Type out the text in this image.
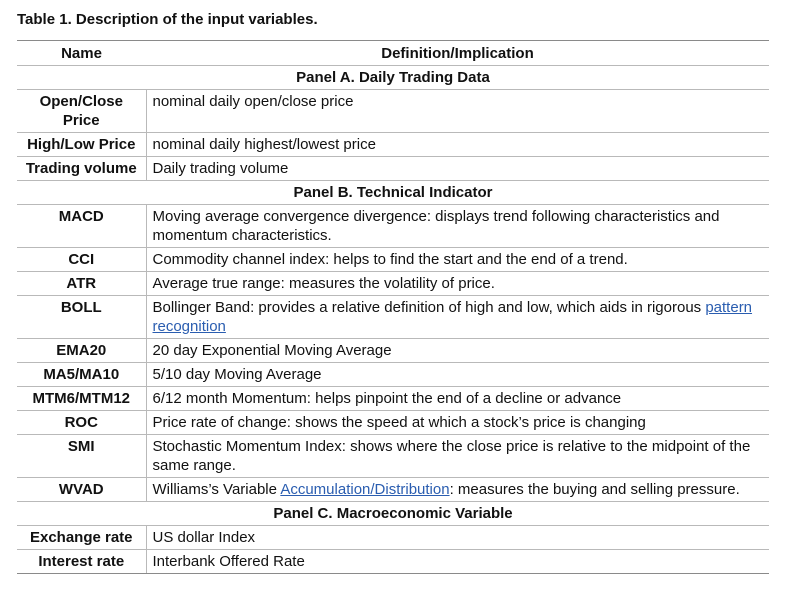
Table 1. Description of the input variables.
Name	Definition/Implication
Panel A. Daily Trading Data	
Open/Close Price	nominal daily open/close price
High/Low Price	nominal daily highest/lowest price
Trading volume	Daily trading volume
Panel B. Technical Indicator	
MACD	Moving average convergence divergence: displays trend following characteristics and momentum characteristics.
CCI	Commodity channel index: helps to find the start and the end of a trend.
ATR	Average true range: measures the volatility of price.
BOLL	Bollinger Band: provides a relative definition of high and low, which aids in rigorous pattern recognition
EMA20	20 day Exponential Moving Average
MA5/MA10	5/10 day Moving Average
MTM6/MTM12	6/12 month Momentum: helps pinpoint the end of a decline or advance
ROC	Price rate of change: shows the speed at which a stock’s price is changing
SMI	Stochastic Momentum Index: shows where the close price is relative to the midpoint of the same range.
WVAD	Williams’s Variable Accumulation/Distribution: measures the buying and selling pressure.
Panel C. Macroeconomic Variable	
Exchange rate	US dollar Index
Interest rate	Interbank Offered Rate
